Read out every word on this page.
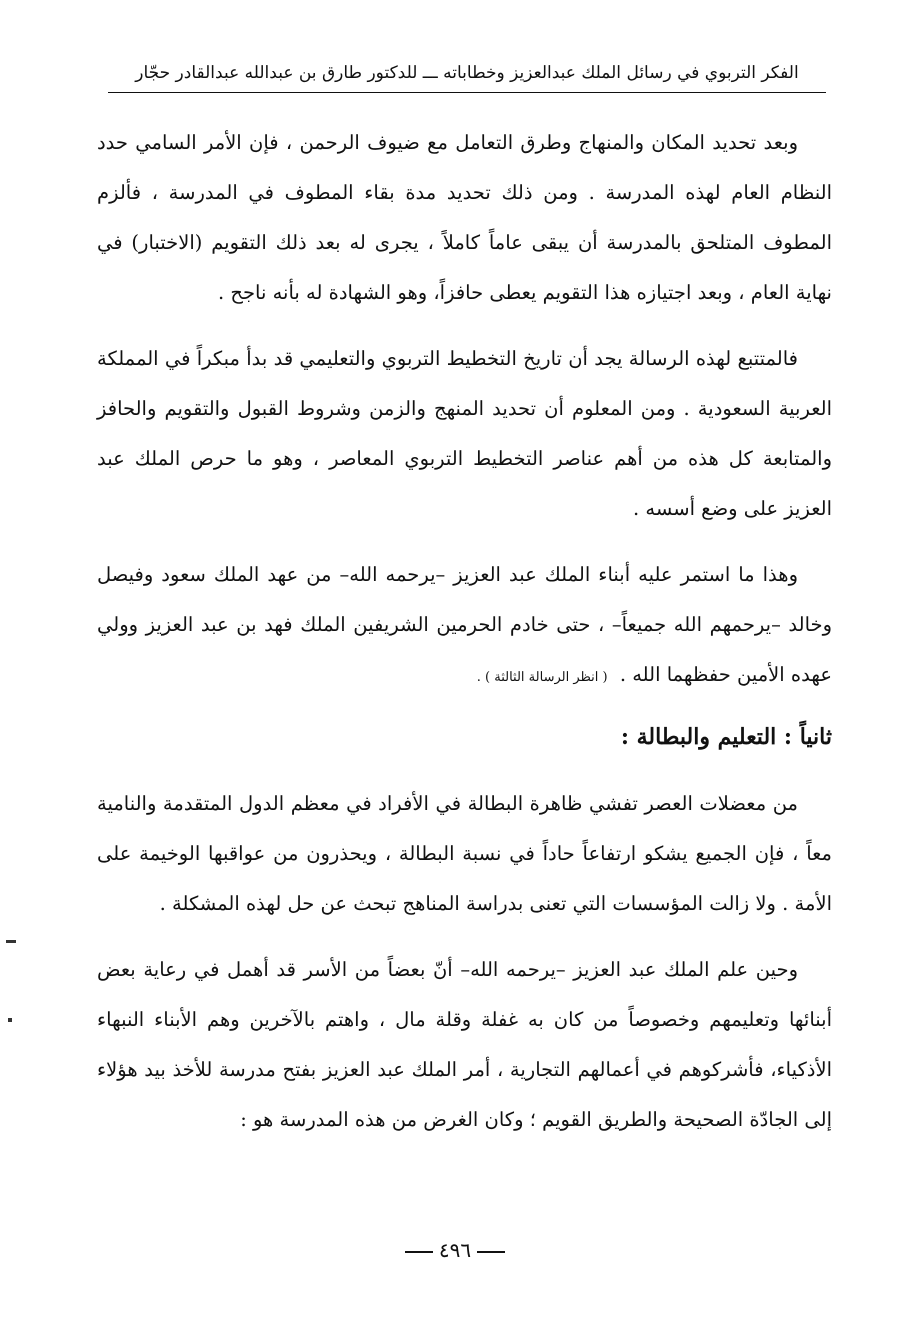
الفكر التربوي في رسائل الملك عبدالعزيز وخطاباته ـــ للدكتور طارق بن عبدالله عبدالقادر حجّار

وبعد تحديد المكان والمنهاج وطرق التعامل مع ضيوف الرحمن ، فإن الأمر السامي حدد النظام العام لهذه المدرسة . ومن ذلك تحديد مدة بقاء المطوف في المدرسة ، فألزم المطوف المتلحق بالمدرسة أن يبقى عاماً كاملاً ، يجرى له بعد ذلك التقويم (الاختبار) في نهاية العام ، وبعد اجتيازه هذا التقويم يعطى حافزاً، وهو الشهادة له بأنه ناجح .

فالمتتبع لهذه الرسالة يجد أن تاريخ التخطيط التربوي والتعليمي قد بدأ مبكراً في المملكة العربية السعودية . ومن المعلوم أن تحديد المنهج والزمن وشروط القبول والتقويم والحافز والمتابعة كل هذه من أهم عناصر التخطيط التربوي المعاصر ، وهو ما حرص الملك عبد العزيز على وضع أسسه .

وهذا ما استمر عليه أبناء الملك عبد العزيز –يرحمه الله– من عهد الملك سعود وفيصل وخالد –يرحمهم الله جميعاً– ، حتى خادم الحرمين الشريفين الملك فهد بن عبد العزيز وولي عهده الأمين حفظهما الله . ( انظر الرسالة الثالثة ) .

ثانياً : التعليم والبطالة :

من معضلات العصر تفشي ظاهرة البطالة في الأفراد في معظم الدول المتقدمة والنامية معاً ، فإن الجميع يشكو ارتفاعاً حاداً في نسبة البطالة ، ويحذرون من عواقبها الوخيمة على الأمة . ولا زالت المؤسسات التي تعنى بدراسة المناهج تبحث عن حل لهذه المشكلة .

وحين علم الملك عبد العزيز –يرحمه الله– أنّ بعضاً من الأسر قد أهمل في رعاية بعض أبنائها وتعليمهم وخصوصاً من كان به غفلة وقلة مال ، واهتم بالآخرين وهم الأبناء النبهاء الأذكياء، فأشركوهم في أعمالهم التجارية ، أمر الملك عبد العزيز بفتح مدرسة للأخذ بيد هؤلاء إلى الجادّة الصحيحة والطريق القويم ؛ وكان الغرض من هذه المدرسة هو :

٤٩٦
